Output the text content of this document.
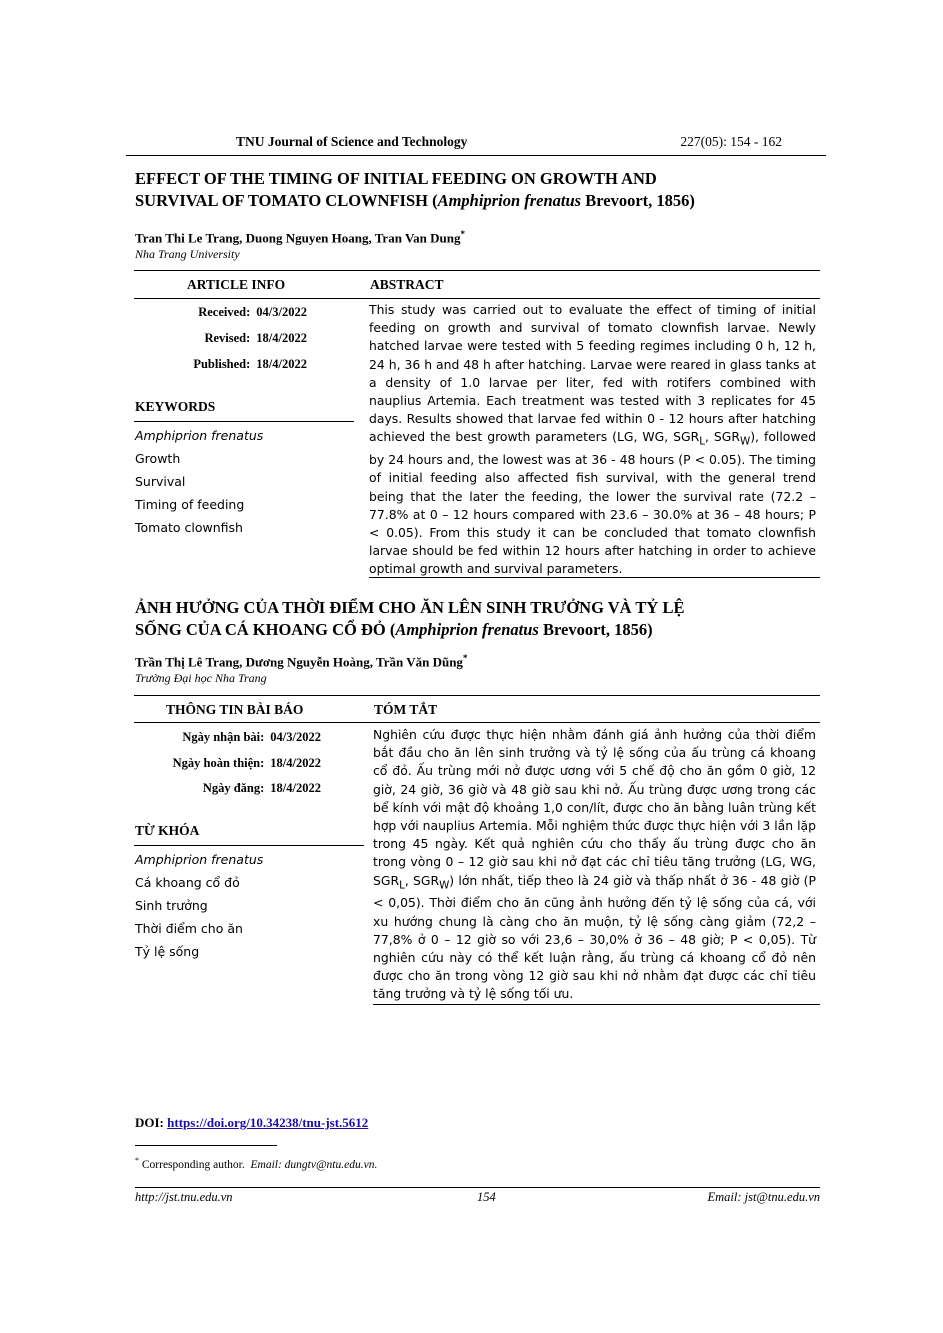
TNU Journal of Science and Technology	227(05): 154 - 162
EFFECT OF THE TIMING OF INITIAL FEEDING ON GROWTH AND
SURVIVAL OF TOMATO CLOWNFISH (Amphiprion frenatus Brevoort, 1856)
Tran Thi Le Trang, Duong Nguyen Hoang, Tran Van Dung*
Nha Trang University
ARTICLE INFO	ABSTRACT
Received: 04/3/2022
Revised: 18/4/2022
Published: 18/4/2022
KEYWORDS
Amphiprion frenatus
Growth
Survival
Timing of feeding
Tomato clownfish

This study was carried out to evaluate the effect of timing of initial feeding on growth and survival of tomato clownfish larvae. Newly hatched larvae were tested with 5 feeding regimes including 0 h, 12 h, 24 h, 36 h and 48 h after hatching. Larvae were reared in glass tanks at a density of 1.0 larvae per liter, fed with rotifers combined with nauplius Artemia. Each treatment was tested with 3 replicates for 45 days. Results showed that larvae fed within 0 - 12 hours after hatching achieved the best growth parameters (LG, WG, $SGR_L$, $SGR_W$), followed by 24 hours and, the lowest was at 36 - 48 hours (P < 0.05). The timing of initial feeding also affected fish survival, with the general trend being that the later the feeding, the lower the survival rate (72.2 – 77.8% at 0 – 12 hours compared with 23.6 – 30.0% at 36 – 48 hours; P < 0.05). From this study it can be concluded that tomato clownfish larvae should be fed within 12 hours after hatching in order to achieve optimal growth and survival parameters.

ẢNH HƯỞNG CỦA THỜI ĐIỂM CHO ĂN LÊN SINH TRƯỞNG VÀ TỶ LỆ
SỐNG CỦA CÁ KHOANG CỔ ĐỎ (Amphiprion frenatus Brevoort, 1856)
Trần Thị Lê Trang, Dương Nguyễn Hoàng, Trần Văn Dũng*
Trường Đại học Nha Trang
THÔNG TIN BÀI BÁO	TÓM TẮT
Ngày nhận bài: 04/3/2022
Ngày hoàn thiện: 18/4/2022
Ngày đăng: 18/4/2022
TỪ KHÓA
Amphiprion frenatus
Cá khoang cổ đỏ
Sinh trưởng
Thời điểm cho ăn
Tỷ lệ sống

Nghiên cứu được thực hiện nhằm đánh giá ảnh hưởng của thời điểm bắt đầu cho ăn lên sinh trưởng và tỷ lệ sống của ấu trùng cá khoang cổ đỏ. Ấu trùng mới nở được ương với 5 chế độ cho ăn gồm 0 giờ, 12 giờ, 24 giờ, 36 giờ và 48 giờ sau khi nở. Ấu trùng được ương trong các bể kính với mật độ khoảng 1,0 con/lít, được cho ăn bằng luân trùng kết hợp với nauplius Artemia. Mỗi nghiệm thức được thực hiện với 3 lần lặp trong 45 ngày. Kết quả nghiên cứu cho thấy ấu trùng được cho ăn trong vòng 0 – 12 giờ sau khi nở đạt các chỉ tiêu tăng trưởng (LG, WG, $SGR_L$, $SGR_W$) lớn nhất, tiếp theo là 24 giờ và thấp nhất ở 36 - 48 giờ (P < 0,05). Thời điểm cho ăn cũng ảnh hưởng đến tỷ lệ sống của cá, với xu hướng chung là càng cho ăn muộn, tỷ lệ sống càng giảm (72,2 – 77,8% ở 0 – 12 giờ so với 23,6 – 30,0% ở 36 – 48 giờ; P < 0,05). Từ nghiên cứu này có thể kết luận rằng, ấu trùng cá khoang cổ đỏ nên được cho ăn trong vòng 12 giờ sau khi nở nhằm đạt được các chỉ tiêu tăng trưởng và tỷ lệ sống tối ưu.

DOI: https://doi.org/10.34238/tnu-jst.5612
* Corresponding author. Email: dungtv@ntu.edu.vn.
http://jst.tnu.edu.vn	154	Email: jst@tnu.edu.vn
